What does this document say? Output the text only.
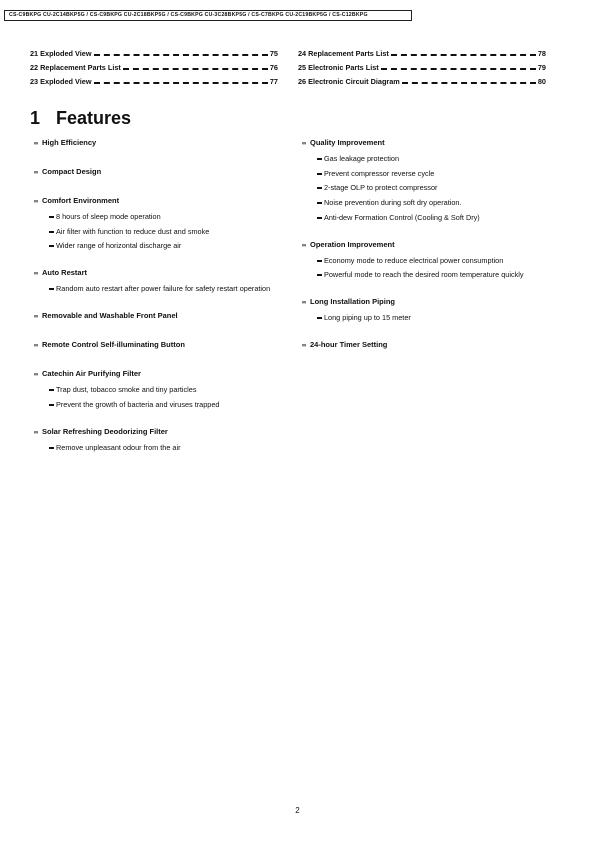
CS-C9BKPG CU-2C14BKP5G / CS-C9BKPG CU-2C18BKP5G / CS-C9BKPG CU-3C28BKP5G / CS-C7BKPG CU-2C19BKP5G / CS-C12BKPG
21 Exploded View	75
22 Replacement Parts List	76
23 Exploded View	77
24 Replacement Parts List	78
25 Electronic Parts List	79
26 Electronic Circuit Diagram	80
1 Features
∞ High Efficiency
∞ Compact Design
∞ Comfort Environment
8 hours of sleep mode operation
Air filter with function to reduce dust and smoke
Wider range of horizontal discharge air
∞ Auto Restart
Random auto restart after power failure for safety restart operation
∞ Removable and Washable Front Panel
∞ Remote Control Self-illuminating Button
∞ Catechin Air Purifying Filter
Trap dust, tobacco smoke and tiny particles
Prevent the growth of bacteria and viruses trapped
∞ Solar Refreshing Deodorizing Filter
Remove unpleasant odour from the air
∞ Quality Improvement
Gas leakage protection
Prevent compressor reverse cycle
2-stage OLP to protect compressor
Noise prevention during soft dry operation.
Anti-dew Formation Control (Cooling & Soft Dry)
∞ Operation Improvement
Economy mode to reduce electrical power consumption
Powerful mode to reach the desired room temperature quickly
∞ Long Installation Piping
Long piping up to 15 meter
∞ 24-hour Timer Setting
2
